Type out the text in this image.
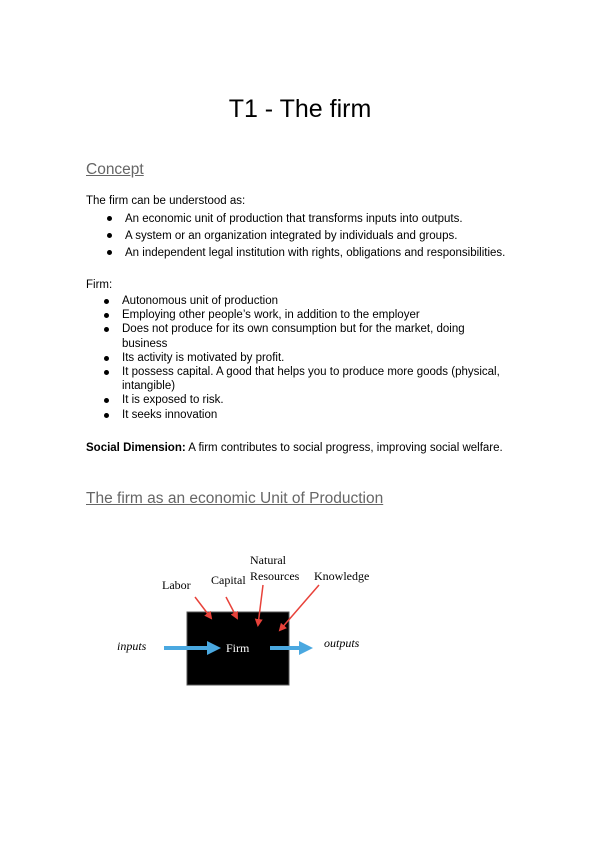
T1 - The firm
Concept

The firm can be understood as:

An economic unit of production that transforms inputs into outputs.
A system or an organization integrated by individuals and groups.
An independent legal institution with rights, obligations and responsibilities.

Firm:

Autonomous unit of production
Employing other people’s work, in addition to the employer
Does not produce for its own consumption but for the market, doing business
Its activity is motivated by profit.
It possess capital. A good that helps you to produce more goods (physical, intangible)
It is exposed to risk.
It seeks innovation

Social Dimension: A firm contributes to social progress, improving social welfare.

The firm as an economic Unit of Production
Labor Capital
Natural
Resources Knowledge
inputs	Firm	outputs
